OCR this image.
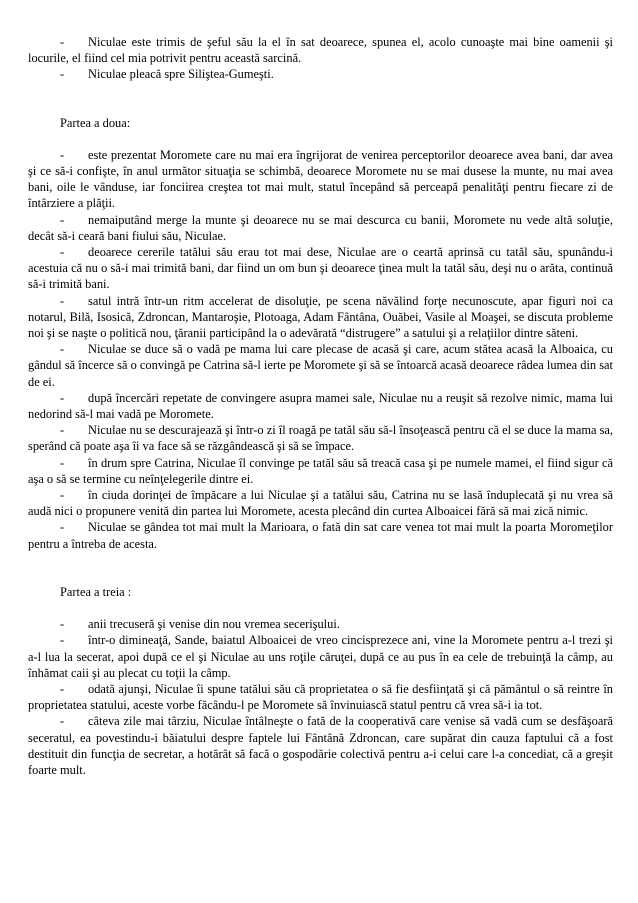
- Niculae este trimis de şeful său la el în sat deoarece, spunea el, acolo cunoaşte mai bine oamenii şi locurile, el fiind cel mia potrivit pentru această sarcină.

- Niculae pleacă spre Siliştea-Gumeşti.

Partea a doua:

- este prezentat Moromete care nu mai era îngrijorat de venirea perceptorilor deoarece avea bani, dar avea şi ce să-i confişte, în anul următor situaţia se schimbă, deoarece Moromete nu se mai dusese la munte, nu mai avea bani, oile le vânduse, iar fonciirea creştea tot mai mult, statul începând să perceapă penalităţi pentru fiecare zi de întârziere a plăţii.

- nemaiputând merge la munte şi deoarece nu se mai descurca cu banii, Moromete nu vede altă soluţie, decât să-i ceară bani fiului său, Niculae.

- deoarece cererile tatălui său erau tot mai dese, Niculae are o ceartă aprinsă cu tatăl său, spunându-i acestuia că nu o să-i mai trimită bani, dar fiind un om bun şi deoarece ţinea mult la tatăl său, deşi nu o arăta, continuă să-i trimită bani.

- satul intră într-un ritm accelerat de disoluţie, pe scena năvălind forţe necunoscute, apar figuri noi ca notarul, Bilă, Isosică, Zdroncan, Mantaroşie, Plotoaga, Adam Fântâna, Ouăbei, Vasile al Moaşei, se discuta probleme noi şi se naşte o politică nou, ţăranii participând la o adevărată “distrugere” a satului şi a relaţiilor dintre săteni.

- Niculae se duce să o vadă pe mama lui care plecase de acasă şi care, acum stătea acasă la Alboaica, cu gândul să încerce să o convingă pe Catrina să-l ierte pe Moromete şi să se întoarcă acasă deoarece râdea lumea din sat de ei.

- după încercări repetate de convingere asupra mamei sale, Niculae nu a reuşit să rezolve nimic, mama lui nedorind să-l mai vadă pe Moromete.

- Niculae nu se descurajează şi într-o zi îl roagă pe tatăl său să-l însoţească pentru că el se duce la mama sa, sperând că poate aşa îi va face să se răzgândească şi să se împace.

- în drum spre Catrina, Niculae îl convinge pe tatăl său să treacă casa şi pe numele mamei, el fiind sigur că aşa o să se termine cu neînţelegerile dintre ei.

- în ciuda dorinţei de împăcare a lui Niculae şi a tatălui său, Catrina nu se lasă înduplecată şi nu vrea să audă nici o propunere venită din partea lui Moromete, acesta plecând din curtea Alboaicei fără să mai zică nimic.

- Niculae se gândea tot mai mult la Marioara, o fată din sat care venea tot mai mult la poarta Moromeţilor pentru a întreba de acesta.

Partea a treia :

- anii trecuseră şi venise din nou vremea secerişului.

- într-o dimineaţă, Sande, baiatul Alboaicei de vreo cincisprezece ani, vine la Moromete pentru a-l trezi şi a-l lua la secerat, apoi după ce el şi Niculae au uns roţile căruţei, după ce au pus în ea cele de trebuinţă la câmp, au înhămat caii şi au plecat cu toţii la câmp.

- odată ajunşi, Niculae îi spune tatălui său că proprietatea o să fie desfiinţată şi că pământul o să reintre în proprietatea statului, aceste vorbe făcându-l pe Moromete să învinuiască statul pentru că vrea să-i ia tot.

- câteva zile mai târziu, Niculae întâlneşte o fată de la cooperativă care venise să vadă cum se desfăşoară seceratul, ea povestindu-i băiatului despre faptele lui Fântână Zdroncan, care supărat din cauza faptului că a fost destituit din funcţia de secretar, a hotărât să facă o gospodărie colectivă pentru a-i celui care l-a concediat, că a greşit foarte mult.
